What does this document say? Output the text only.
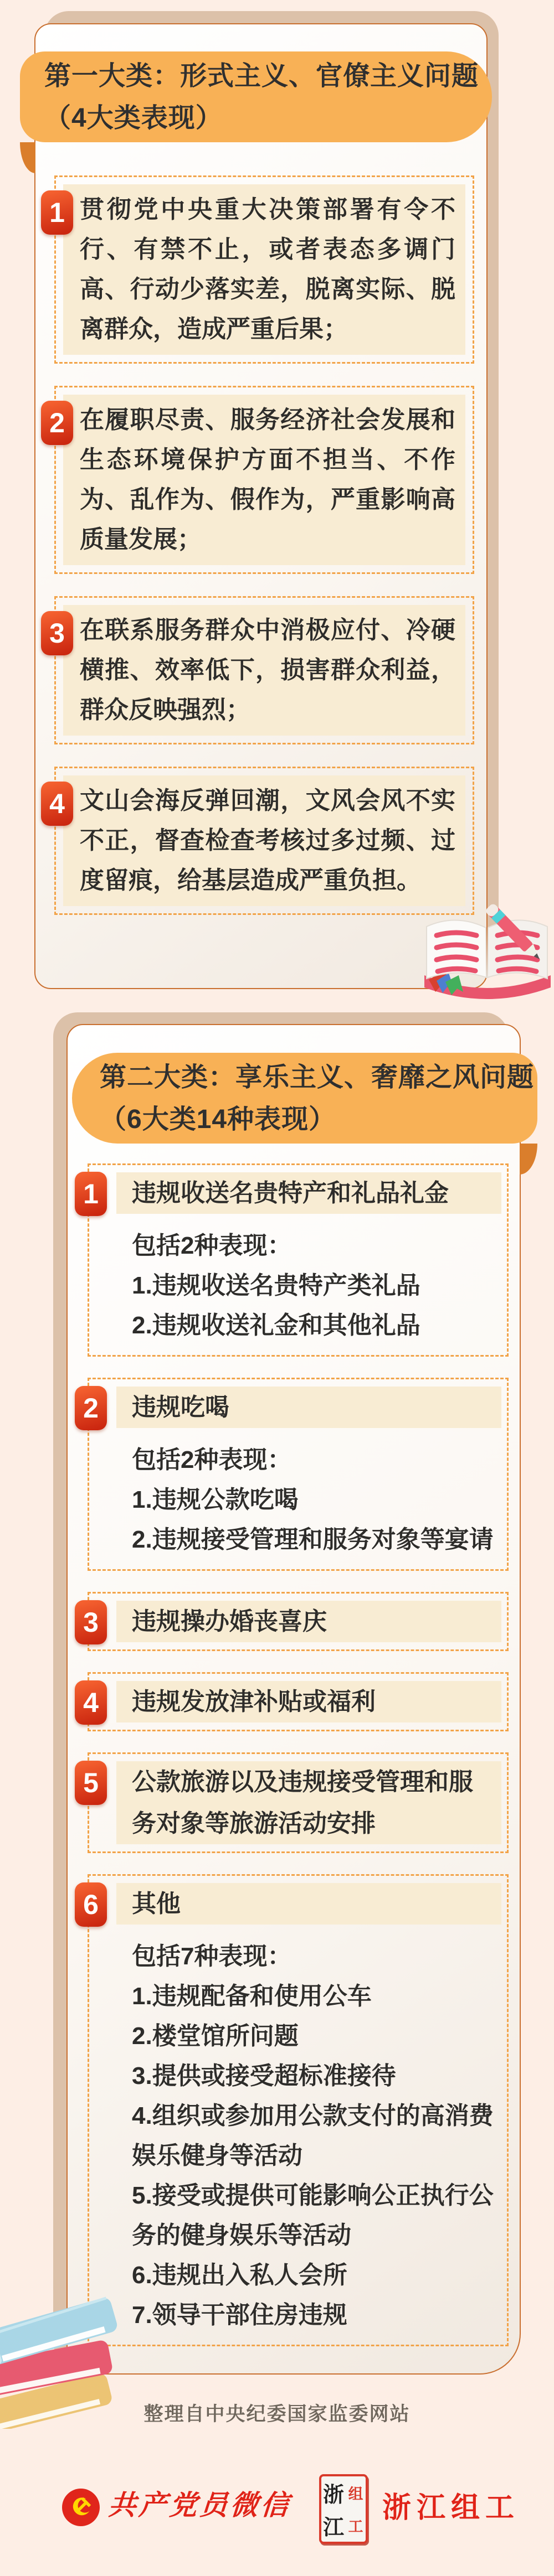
第一大类：形式主义、官僚主义问题
（4大类表现）
1 贯彻党中央重大决策部署有令不行、有禁不止，或者表态多调门高、行动少落实差，脱离实际、脱离群众，造成严重后果；
2 在履职尽责、服务经济社会发展和生态环境保护方面不担当、不作为、乱作为、假作为，严重影响高质量发展；
3 在联系服务群众中消极应付、冷硬横推、效率低下，损害群众利益，群众反映强烈；
4 文山会海反弹回潮，文风会风不实不正，督查检查考核过多过频、过度留痕，给基层造成严重负担。
第二大类：享乐主义、奢靡之风问题
（6大类14种表现）
1	违规收送名贵特产和礼品礼金

包括2种表现：

1.违规收送名贵特产类礼品

2.违规收送礼金和其他礼品

2	违规吃喝

包括2种表现：

1.违规公款吃喝

2.违规接受管理和服务对象等宴请

3	违规操办婚丧喜庆
4	违规发放津补贴或福利
5	公款旅游以及违规接受管理和服务对象等旅游活动安排
6	其他

包括7种表现：

1.违规配备和使用公车

2.楼堂馆所问题

3.提供或接受超标准接待

4.组织或参加用公款支付的高消费娱乐健身等活动

5.接受或提供可能影响公正执行公务的健身娱乐等活动

6.违规出入私人会所

7.领导干部住房违规

整理自中央纪委国家监委网站
共产党员微信 浙 组
江 工
浙江组工
